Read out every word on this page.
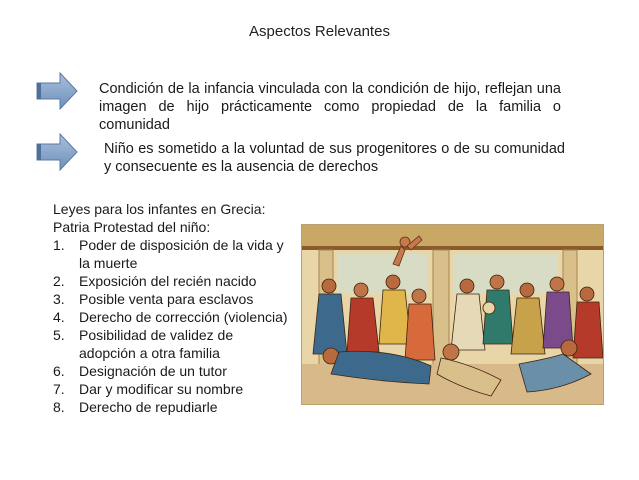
Aspectos Relevantes
Condición de la infancia vinculada con la condición de hijo, reflejan una imagen de hijo prácticamente como propiedad de la familia o comunidad
Niño es sometido a la voluntad de sus progenitores o de su comunidad y consecuente es la ausencia de derechos

Leyes para los infantes en Grecia:

Patria Protestad del niño:

1.	Poder de disposición de la vida y la muerte
2.	Exposición del recién nacido
3.	Posible venta para esclavos
4.	Derecho de corrección (violencia)
5.	Posibilidad de validez de adopción a otra familia
6.	Designación de un tutor
7.	Dar y modificar su nombre
8.	Derecho de repudiarle
